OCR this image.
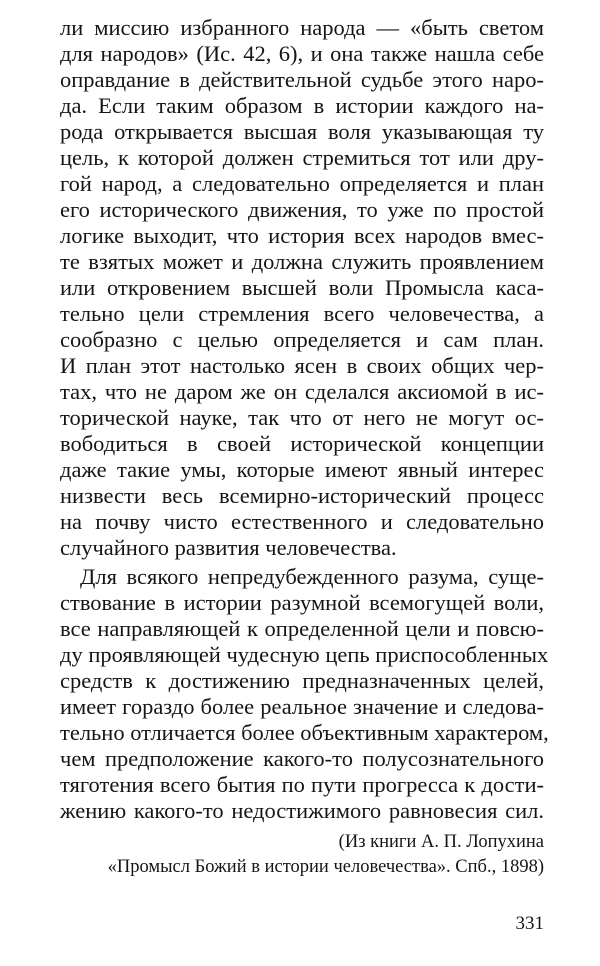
ли миссию избранного народа — «быть светом
для народов» (Ис. 42, 6), и она также нашла себе
оправдание в действительной судьбе этого наро-
да. Если таким образом в истории каждого на-
рода открывается высшая воля указывающая ту
цель, к которой должен стремиться тот или дру-
гой народ, а следовательно определяется и план
его исторического движения, то уже по простой
логике выходит, что история всех народов вмес-
те взятых может и должна служить проявлением
или откровением высшей воли Промысла каса-
тельно цели стремления всего человечества, а
сообразно с целью определяется и сам план.
И план этот настолько ясен в своих общих чер-
тах, что не даром же он сделался аксиомой в ис-
торической науке, так что от него не могут ос-
вободиться в своей исторической концепции
даже такие умы, которые имеют явный интерес
низвести весь всемирно-исторический процесс
на почву чисто естественного и следовательно
случайного развития человечества.
Для всякого непредубежденного разума, суще-
ствование в истории разумной всемогущей воли,
все направляющей к определенной цели и повсю-
ду проявляющей чудесную цепь приспособленных
средств к достижению предназначенных целей,
имеет гораздо более реальное значение и следова-
тельно отличается более объективным характером,
чем предположение какого-то полусознательного
тяготения всего бытия по пути прогресса к дости-
жению какого-то недостижимого равновесия сил.
(Из книги А. П. Лопухина
«Промысл Божий в истории человечества». Спб., 1898)
331
